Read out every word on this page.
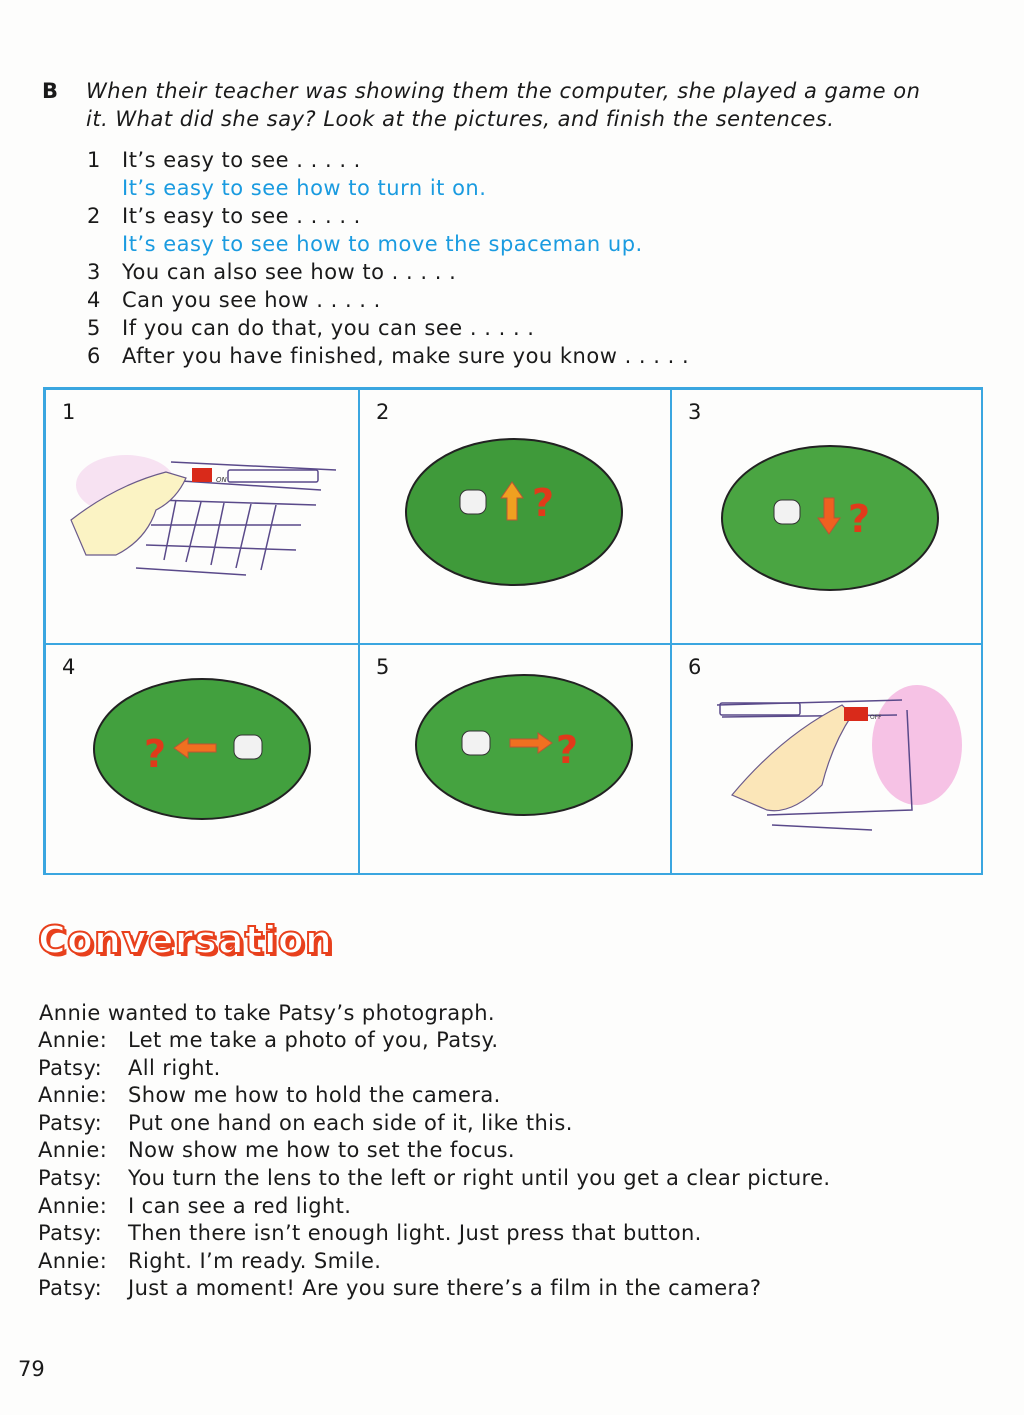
B When their teacher was showing them the computer, she played a game on
it. What did she say? Look at the pictures, and finish the sentences.
1 It’s easy to see . . . . .
It’s easy to see how to turn it on.
2 It’s easy to see . . . . .
It’s easy to see how to move the spaceman up.
3 You can also see how to . . . . .
4 Can you see how . . . . .
5 If you can do that, you can see . . . . .
6 After you have finished, make sure you know . . . . .
ON
1
?
2
?
3
?
4
?
5
OFF
6
Conversation
Annie wanted to take Patsy’s photograph.
Annie: Let me take a photo of you, Patsy.
Patsy: All right.
Annie: Show me how to hold the camera.
Patsy: Put one hand on each side of it, like this.
Annie: Now show me how to set the focus.
Patsy: You turn the lens to the left or right until you get a clear picture.
Annie: I can see a red light.
Patsy: Then there isn’t enough light. Just press that button.
Annie: Right. I’m ready. Smile.
Patsy: Just a moment! Are you sure there’s a film in the camera?
79
